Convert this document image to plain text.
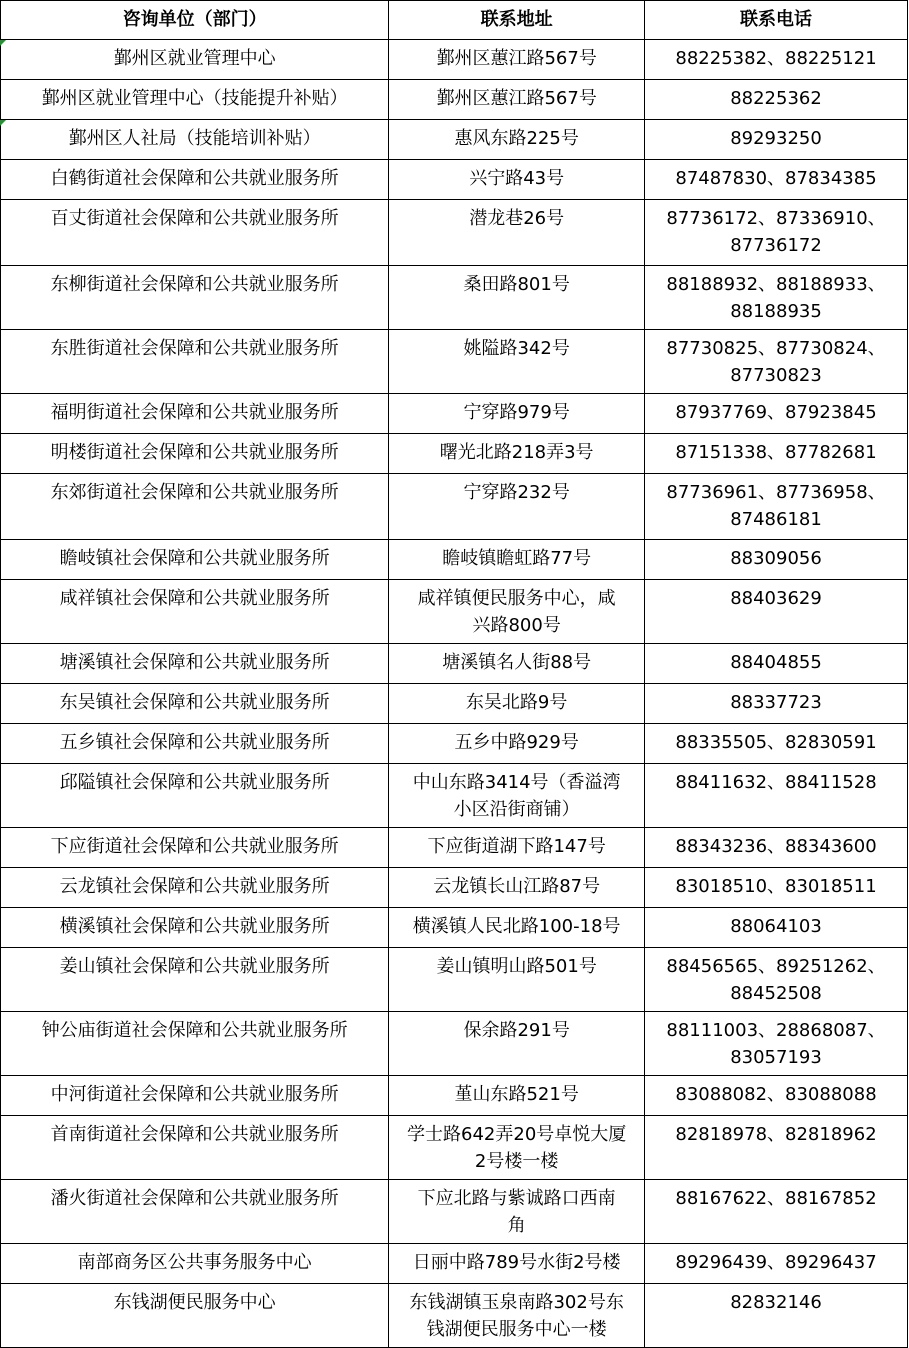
咨询单位（部门）	联系地址	联系电话
鄞州区就业管理中心	鄞州区蕙江路567号	88225382、88225121

鄞州区就业管理中心（技能提升补贴）	鄞州区蕙江路567号	88225362

鄞州区人社局（技能培训补贴）	惠风东路225号	89293250

白鹤街道社会保障和公共就业服务所	兴宁路43号	87487830、87834385

百丈街道社会保障和公共就业服务所	潜龙巷26号	87736172、87336910、
87736172

东柳街道社会保障和公共就业服务所	桑田路801号	88188932、88188933、
88188935

东胜街道社会保障和公共就业服务所	姚隘路342号	87730825、87730824、
87730823

福明街道社会保障和公共就业服务所	宁穿路979号	87937769、87923845

明楼街道社会保障和公共就业服务所	曙光北路218弄3号	87151338、87782681

东郊街道社会保障和公共就业服务所	宁穿路232号	87736961、87736958、
87486181

瞻岐镇社会保障和公共就业服务所	瞻岐镇瞻虹路77号	88309056

咸祥镇社会保障和公共就业服务所	咸祥镇便民服务中心，咸
兴路800号	88403629

塘溪镇社会保障和公共就业服务所	塘溪镇名人街88号	88404855

东吴镇社会保障和公共就业服务所	东吴北路9号	88337723

五乡镇社会保障和公共就业服务所	五乡中路929号	88335505、82830591

邱隘镇社会保障和公共就业服务所	中山东路3414号（香溢湾
小区沿街商铺）	88411632、88411528

下应街道社会保障和公共就业服务所	下应街道湖下路147号	88343236、88343600

云龙镇社会保障和公共就业服务所	云龙镇长山江路87号	83018510、83018511

横溪镇社会保障和公共就业服务所	横溪镇人民北路100-18号	88064103

姜山镇社会保障和公共就业服务所	姜山镇明山路501号	88456565、89251262、
88452508

钟公庙街道社会保障和公共就业服务所	保余路291号	88111003、28868087、
83057193

中河街道社会保障和公共就业服务所	堇山东路521号	83088082、83088088

首南街道社会保障和公共就业服务所	学士路642弄20号卓悦大厦
2号楼一楼	82818978、82818962

潘火街道社会保障和公共就业服务所	下应北路与紫诚路口西南
角	88167622、88167852

南部商务区公共事务服务中心	日丽中路789号水街2号楼	89296439、89296437

东钱湖便民服务中心	东钱湖镇玉泉南路302号东
钱湖便民服务中心一楼	82832146
